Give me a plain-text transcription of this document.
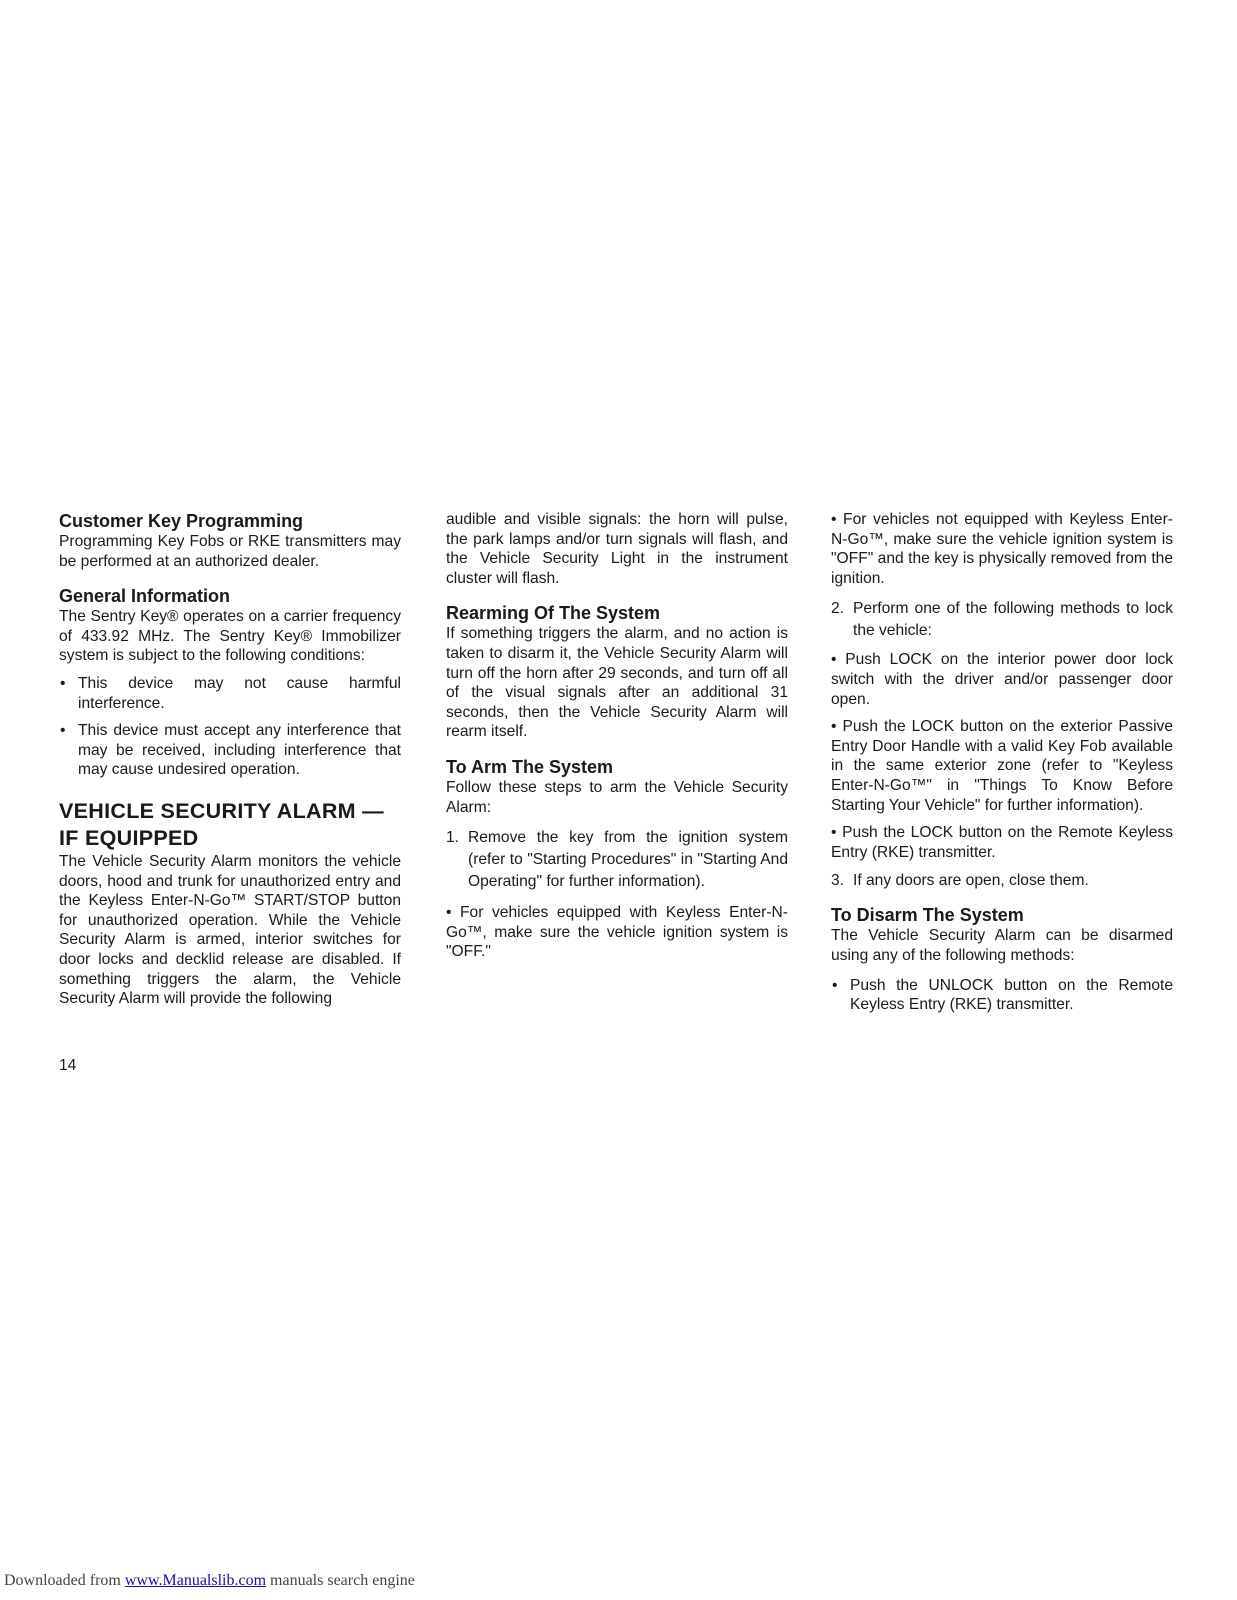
Customer Key Programming

Programming Key Fobs or RKE transmitters may be performed at an authorized dealer.

General Information

The Sentry Key® operates on a carrier frequency of 433.92 MHz. The Sentry Key® Immobilizer system is subject to the following conditions:

• This device may not cause harmful interference.
• This device must accept any interference that may be received, including interference that may cause undesired operation.
VEHICLE SECURITY ALARM —
IF EQUIPPED

The Vehicle Security Alarm monitors the vehicle doors, hood and trunk for unauthorized entry and the Keyless Enter-N-Go™ START/STOP button for unauthorized operation. While the Vehicle Security Alarm is armed, interior switches for door locks and decklid release are disabled. If something triggers the alarm, the Vehicle Security Alarm will provide the following

audible and visible signals: the horn will pulse, the park lamps and/or turn signals will flash, and the Vehicle Security Light in the instrument cluster will flash.

Rearming Of The System

If something triggers the alarm, and no action is taken to disarm it, the Vehicle Security Alarm will turn off the horn after 29 seconds, and turn off all of the visual signals after an additional 31 seconds, then the Vehicle Security Alarm will rearm itself.

To Arm The System

Follow these steps to arm the Vehicle Security Alarm:

1. Remove the key from the ignition system (refer to "Starting Procedures" in "Starting And Operating" for further information).

• For vehicles equipped with Keyless Enter-N-Go™, make sure the vehicle ignition system is "OFF."

• For vehicles not equipped with Keyless Enter-N-Go™, make sure the vehicle ignition system is "OFF" and the key is physically removed from the ignition.

2. Perform one of the following methods to lock the vehicle:

• Push LOCK on the interior power door lock switch with the driver and/or passenger door open.

• Push the LOCK button on the exterior Passive Entry Door Handle with a valid Key Fob available in the same exterior zone (refer to "Keyless Enter-N-Go™" in "Things To Know Before Starting Your Vehicle" for further information).

• Push the LOCK button on the Remote Keyless Entry (RKE) transmitter.

3. If any doors are open, close them.
To Disarm The System

The Vehicle Security Alarm can be disarmed using any of the following methods:

• Push the UNLOCK button on the Remote Keyless Entry (RKE) transmitter.
14
Downloaded from www.Manualslib.com manuals search engine
